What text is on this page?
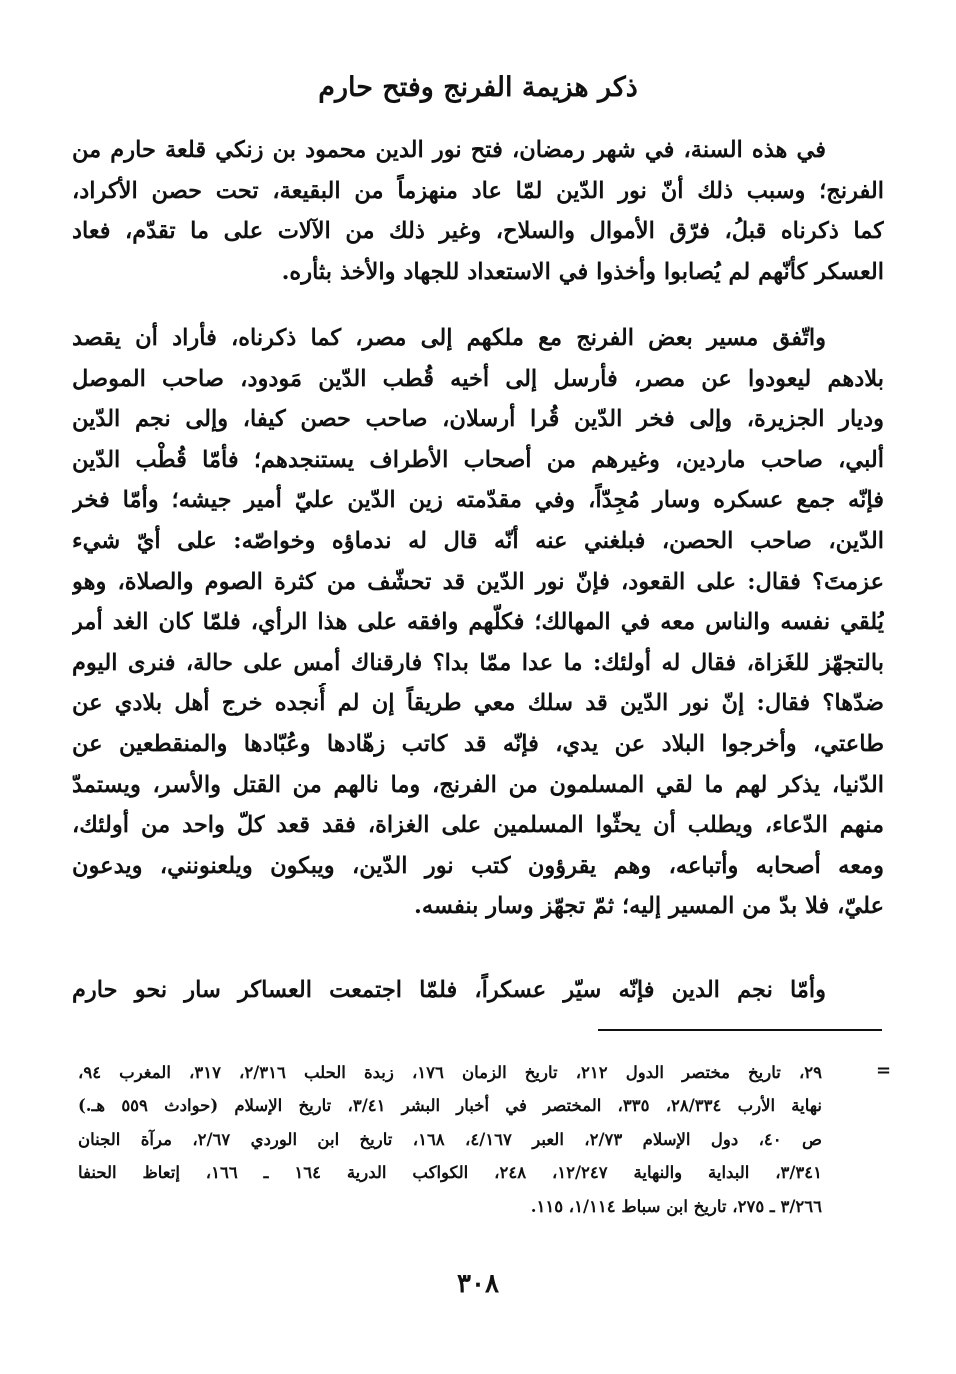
ذكر هزيمة الفرنج وفتح حارم
في هذه السنة، في شهر رمضان، فتح نور الدين محمود بن زنكي قلعة حارم من
الفرنج؛ وسبب ذلك أنّ نور الدّين لمّا عاد منهزماً من البقيعة، تحت حصن الأكراد،
كما ذكرناه قبلُ، فرّق الأموال والسلاح، وغير ذلك من الآلات على ما تقدّم، فعاد
العسكر كأنّهم لم يُصابوا وأخذوا في الاستعداد للجهاد والأخذ بثأره.
واتّفق مسير بعض الفرنج مع ملكهم إلى مصر، كما ذكرناه، فأراد أن يقصد
بلادهم ليعودوا عن مصر، فأرسل إلى أخيه قُطب الدّين مَودود، صاحب الموصل
وديار الجزيرة، وإلى فخر الدّين قُرا أرسلان، صاحب حصن كيفا، وإلى نجم الدّين
ألبي، صاحب ماردين، وغيرهم من أصحاب الأطراف يستنجدهم؛ فأمّا قُطْب الدّين
فإنّه جمع عسكره وسار مُجِدّاً، وفي مقدّمته زين الدّين عليّ أمير جيشه؛ وأمّا فخر
الدّين، صاحب الحصن، فبلغني عنه أنّه قال له ندماؤه وخواصّه: على أيّ شيء
عزمتَ؟ فقال: على القعود، فإنّ نور الدّين قد تحشّف من كثرة الصوم والصلاة، وهو
يُلقي نفسه والناس معه في المهالك؛ فكلّهم وافقه على هذا الرأي، فلمّا كان الغد أمر
بالتجهّز للغَزاة، فقال له أولئك: ما عدا ممّا بدا؟ فارقناك أمس على حالة، فنرى اليوم
ضدّها؟ فقال: إنّ نور الدّين قد سلك معي طريقاً إن لم أُنجده خرج أهل بلادي عن
طاعتي، وأخرجوا البلاد عن يدي، فإنّه قد كاتب زهّادها وعُبّادها والمنقطعين عن
الدّنيا، يذكر لهم ما لقي المسلمون من الفرنج، وما نالهم من القتل والأسر، ويستمدّ
منهم الدّعاء، ويطلب أن يحثّوا المسلمين على الغزاة، فقد قعد كلّ واحد من أولئك،
ومعه أصحابه وأتباعه، وهم يقرؤون كتب نور الدّين، ويبكون ويلعنونني، ويدعون
عليّ، فلا بدّ من المسير إليه؛ ثمّ تجهّز وسار بنفسه.
وأمّا نجم الدين فإنّه سيّر عسكراً، فلمّا اجتمعت العساكر سار نحو حارم
=
٢٩، تاريخ مختصر الدول ٢١٢، تاريخ الزمان ١٧٦، زبدة الحلب ٢/٣١٦، ٣١٧، المغرب ٩٤،
نهاية الأرب ٢٨/٣٣٤، ٣٣٥، المختصر في أخبار البشر ٣/٤١، تاريخ الإسلام (حوادث ٥٥٩ هـ.)
ص ٤٠، دول الإسلام ٢/٧٣، العبر ٤/١٦٧، ١٦٨، تاريخ ابن الوردي ٢/٦٧، مرآة الجنان
٣/٣٤١، البداية والنهاية ١٢/٢٤٧، ٢٤٨، الكواكب الدرية ١٦٤ ـ ١٦٦، إتعاظ الحنفا
٣/٢٦٦ ـ ٢٧٥، تاريخ ابن سباط ١/١١٤، ١١٥.
٣٠٨
